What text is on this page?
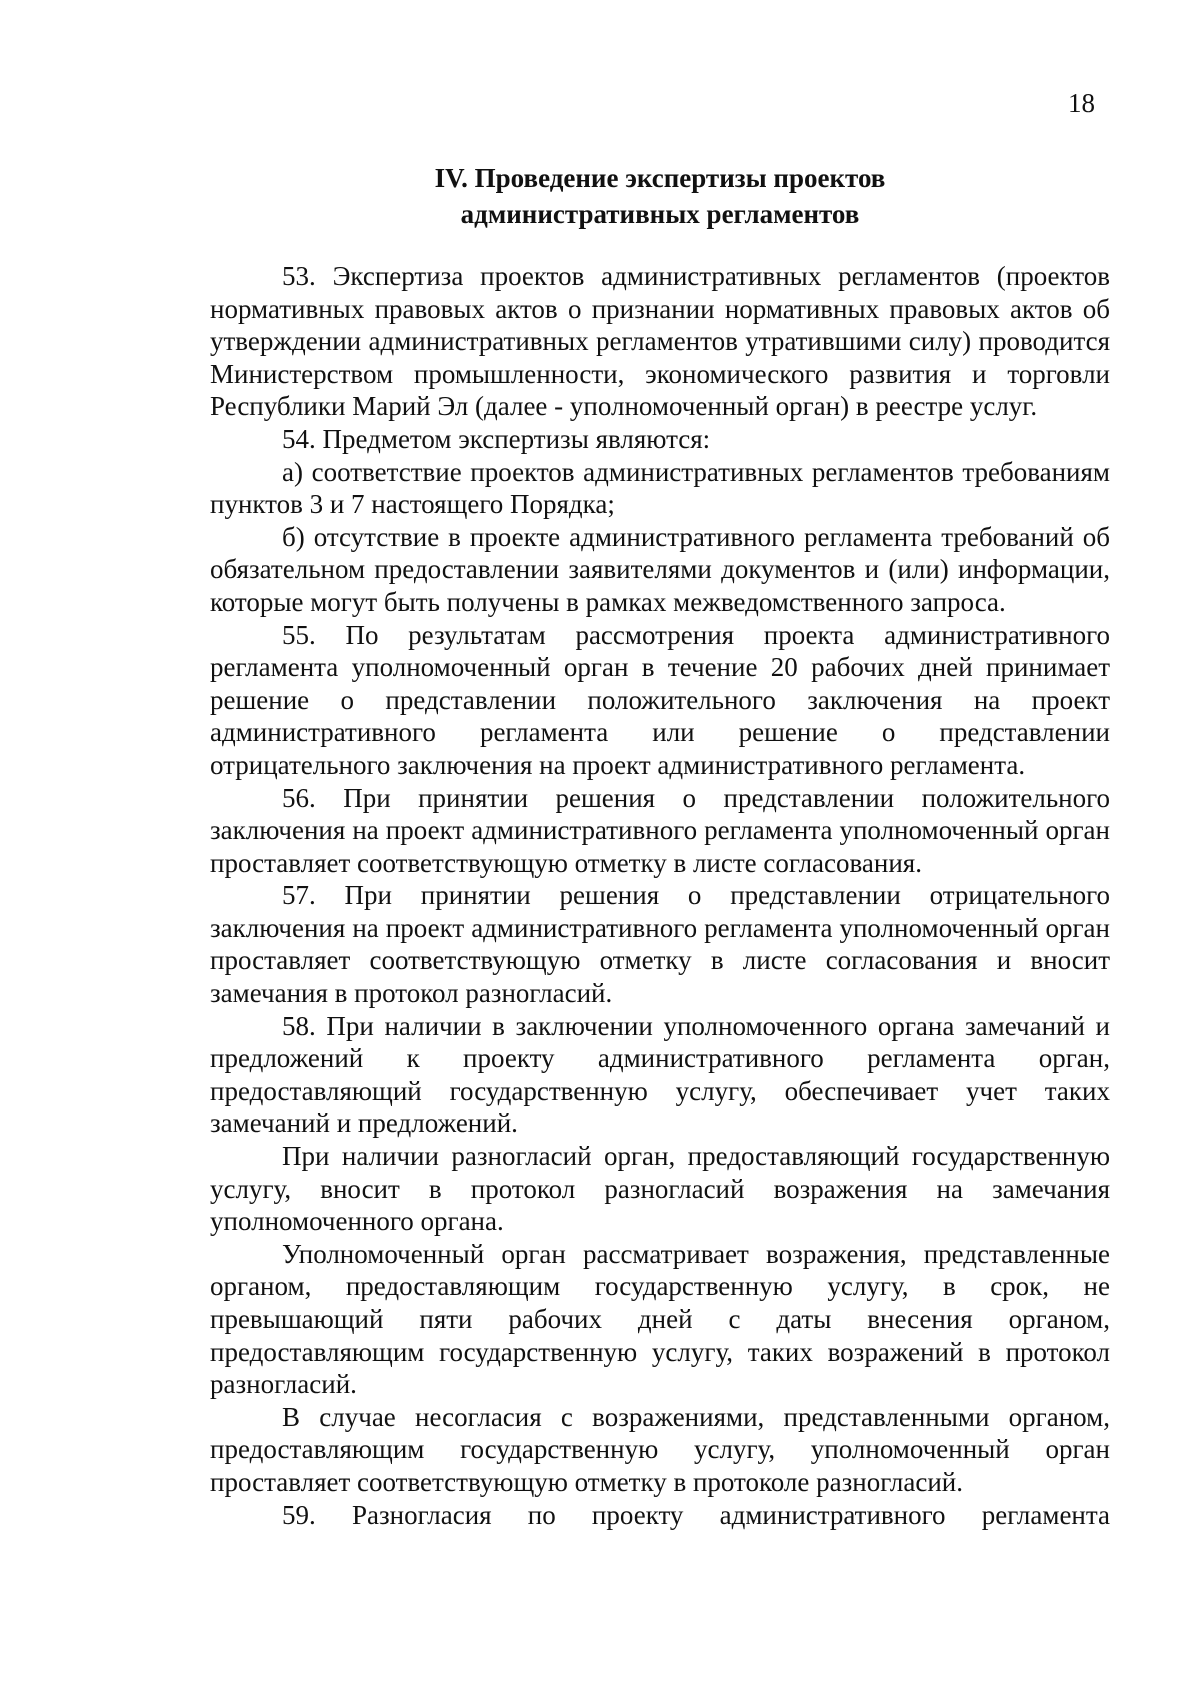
18
IV. Проведение экспертизы проектов
административных регламентов

53. Экспертиза проектов административных регламентов (проектов нормативных правовых актов о признании нормативных правовых актов об утверждении административных регламентов утратившими силу) проводится Министерством промышленности, экономического развития и торговли Республики Марий Эл (далее - уполномоченный орган) в реестре услуг.

54. Предметом экспертизы являются:

а) соответствие проектов административных регламентов требованиям пунктов 3 и 7 настоящего Порядка;

б) отсутствие в проекте административного регламента требований об обязательном предоставлении заявителями документов и (или) информации, которые могут быть получены в рамках межведомственного запроса.

55. По результатам рассмотрения проекта административного регламента уполномоченный орган в течение 20 рабочих дней принимает решение о представлении положительного заключения на проект административного регламента или решение о представлении отрицательного заключения на проект административного регламента.

56. При принятии решения о представлении положительного заключения на проект административного регламента уполномоченный орган проставляет соответствующую отметку в листе согласования.

57. При принятии решения о представлении отрицательного заключения на проект административного регламента уполномоченный орган проставляет соответствующую отметку в листе согласования и вносит замечания в протокол разногласий.

58. При наличии в заключении уполномоченного органа замечаний и предложений к проекту административного регламента орган, предоставляющий государственную услугу, обеспечивает учет таких замечаний и предложений.

При наличии разногласий орган, предоставляющий государственную услугу, вносит в протокол разногласий возражения на замечания уполномоченного органа.

Уполномоченный орган рассматривает возражения, представленные органом, предоставляющим государственную услугу, в срок, не превышающий пяти рабочих дней с даты внесения органом, предоставляющим государственную услугу, таких возражений в протокол разногласий.

В случае несогласия с возражениями, представленными органом, предоставляющим государственную услугу, уполномоченный орган проставляет соответствующую отметку в протоколе разногласий.

59. Разногласия по проекту административного регламента
